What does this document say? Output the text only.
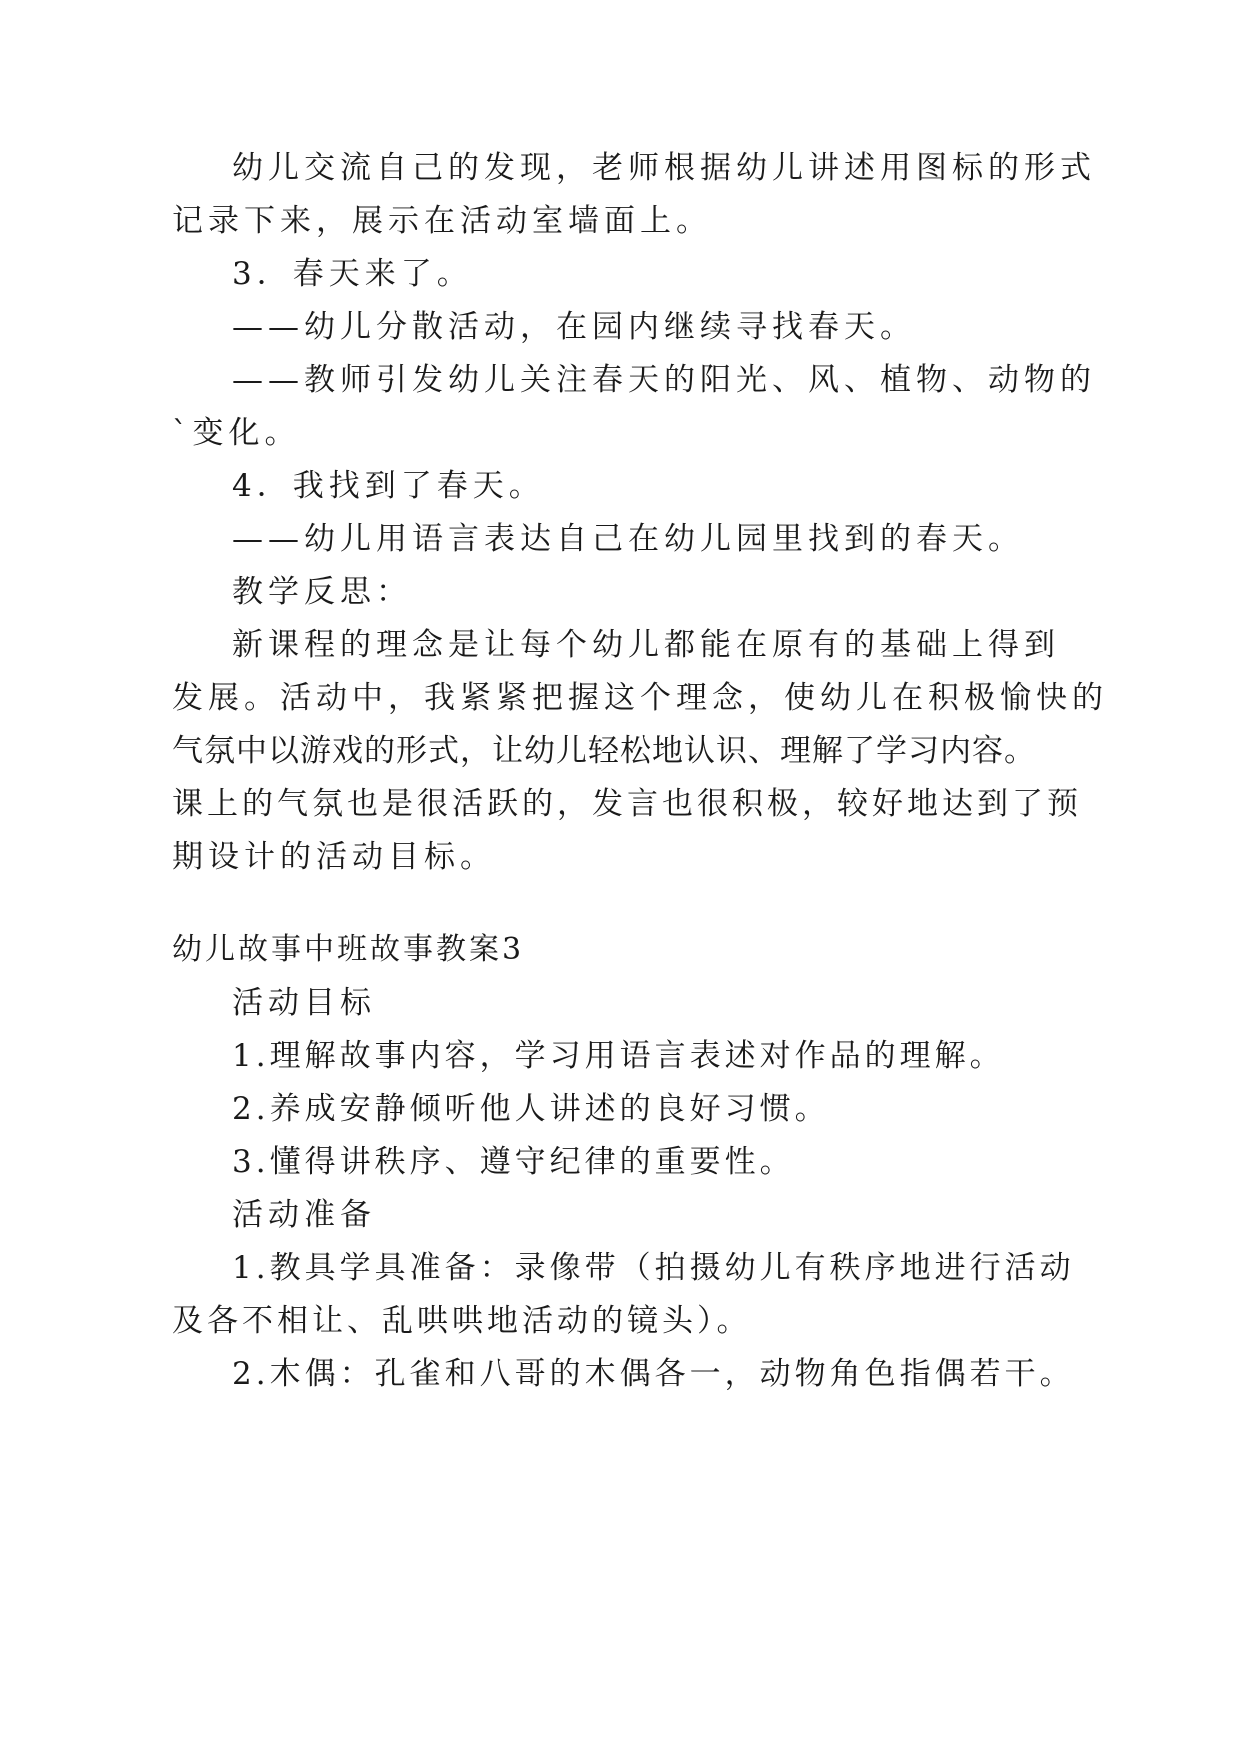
幼儿交流自己的发现，老师根据幼儿讲述用图标的形式

记录下来，展示在活动室墙面上。

3．春天来了。

——幼儿分散活动，在园内继续寻找春天。

——教师引发幼儿关注春天的阳光、风、植物、动物的

`变化。

4．我找到了春天。

——幼儿用语言表达自己在幼儿园里找到的春天。

教学反思：

新课程的理念是让每个幼儿都能在原有的基础上得到

发展。活动中，我紧紧把握这个理念，使幼儿在积极愉快的

气氛中以游戏的形式，让幼儿轻松地认识、理解了学习内容。

课上的气氛也是很活跃的，发言也很积极，较好地达到了预

期设计的活动目标。

幼儿故事中班故事教案3

活动目标

1.理解故事内容，学习用语言表述对作品的理解。

2.养成安静倾听他人讲述的良好习惯。

3.懂得讲秩序、遵守纪律的重要性。

活动准备

1.教具学具准备：录像带（拍摄幼儿有秩序地进行活动

及各不相让、乱哄哄地活动的镜头）。

2.木偶：孔雀和八哥的木偶各一，动物角色指偶若干。
